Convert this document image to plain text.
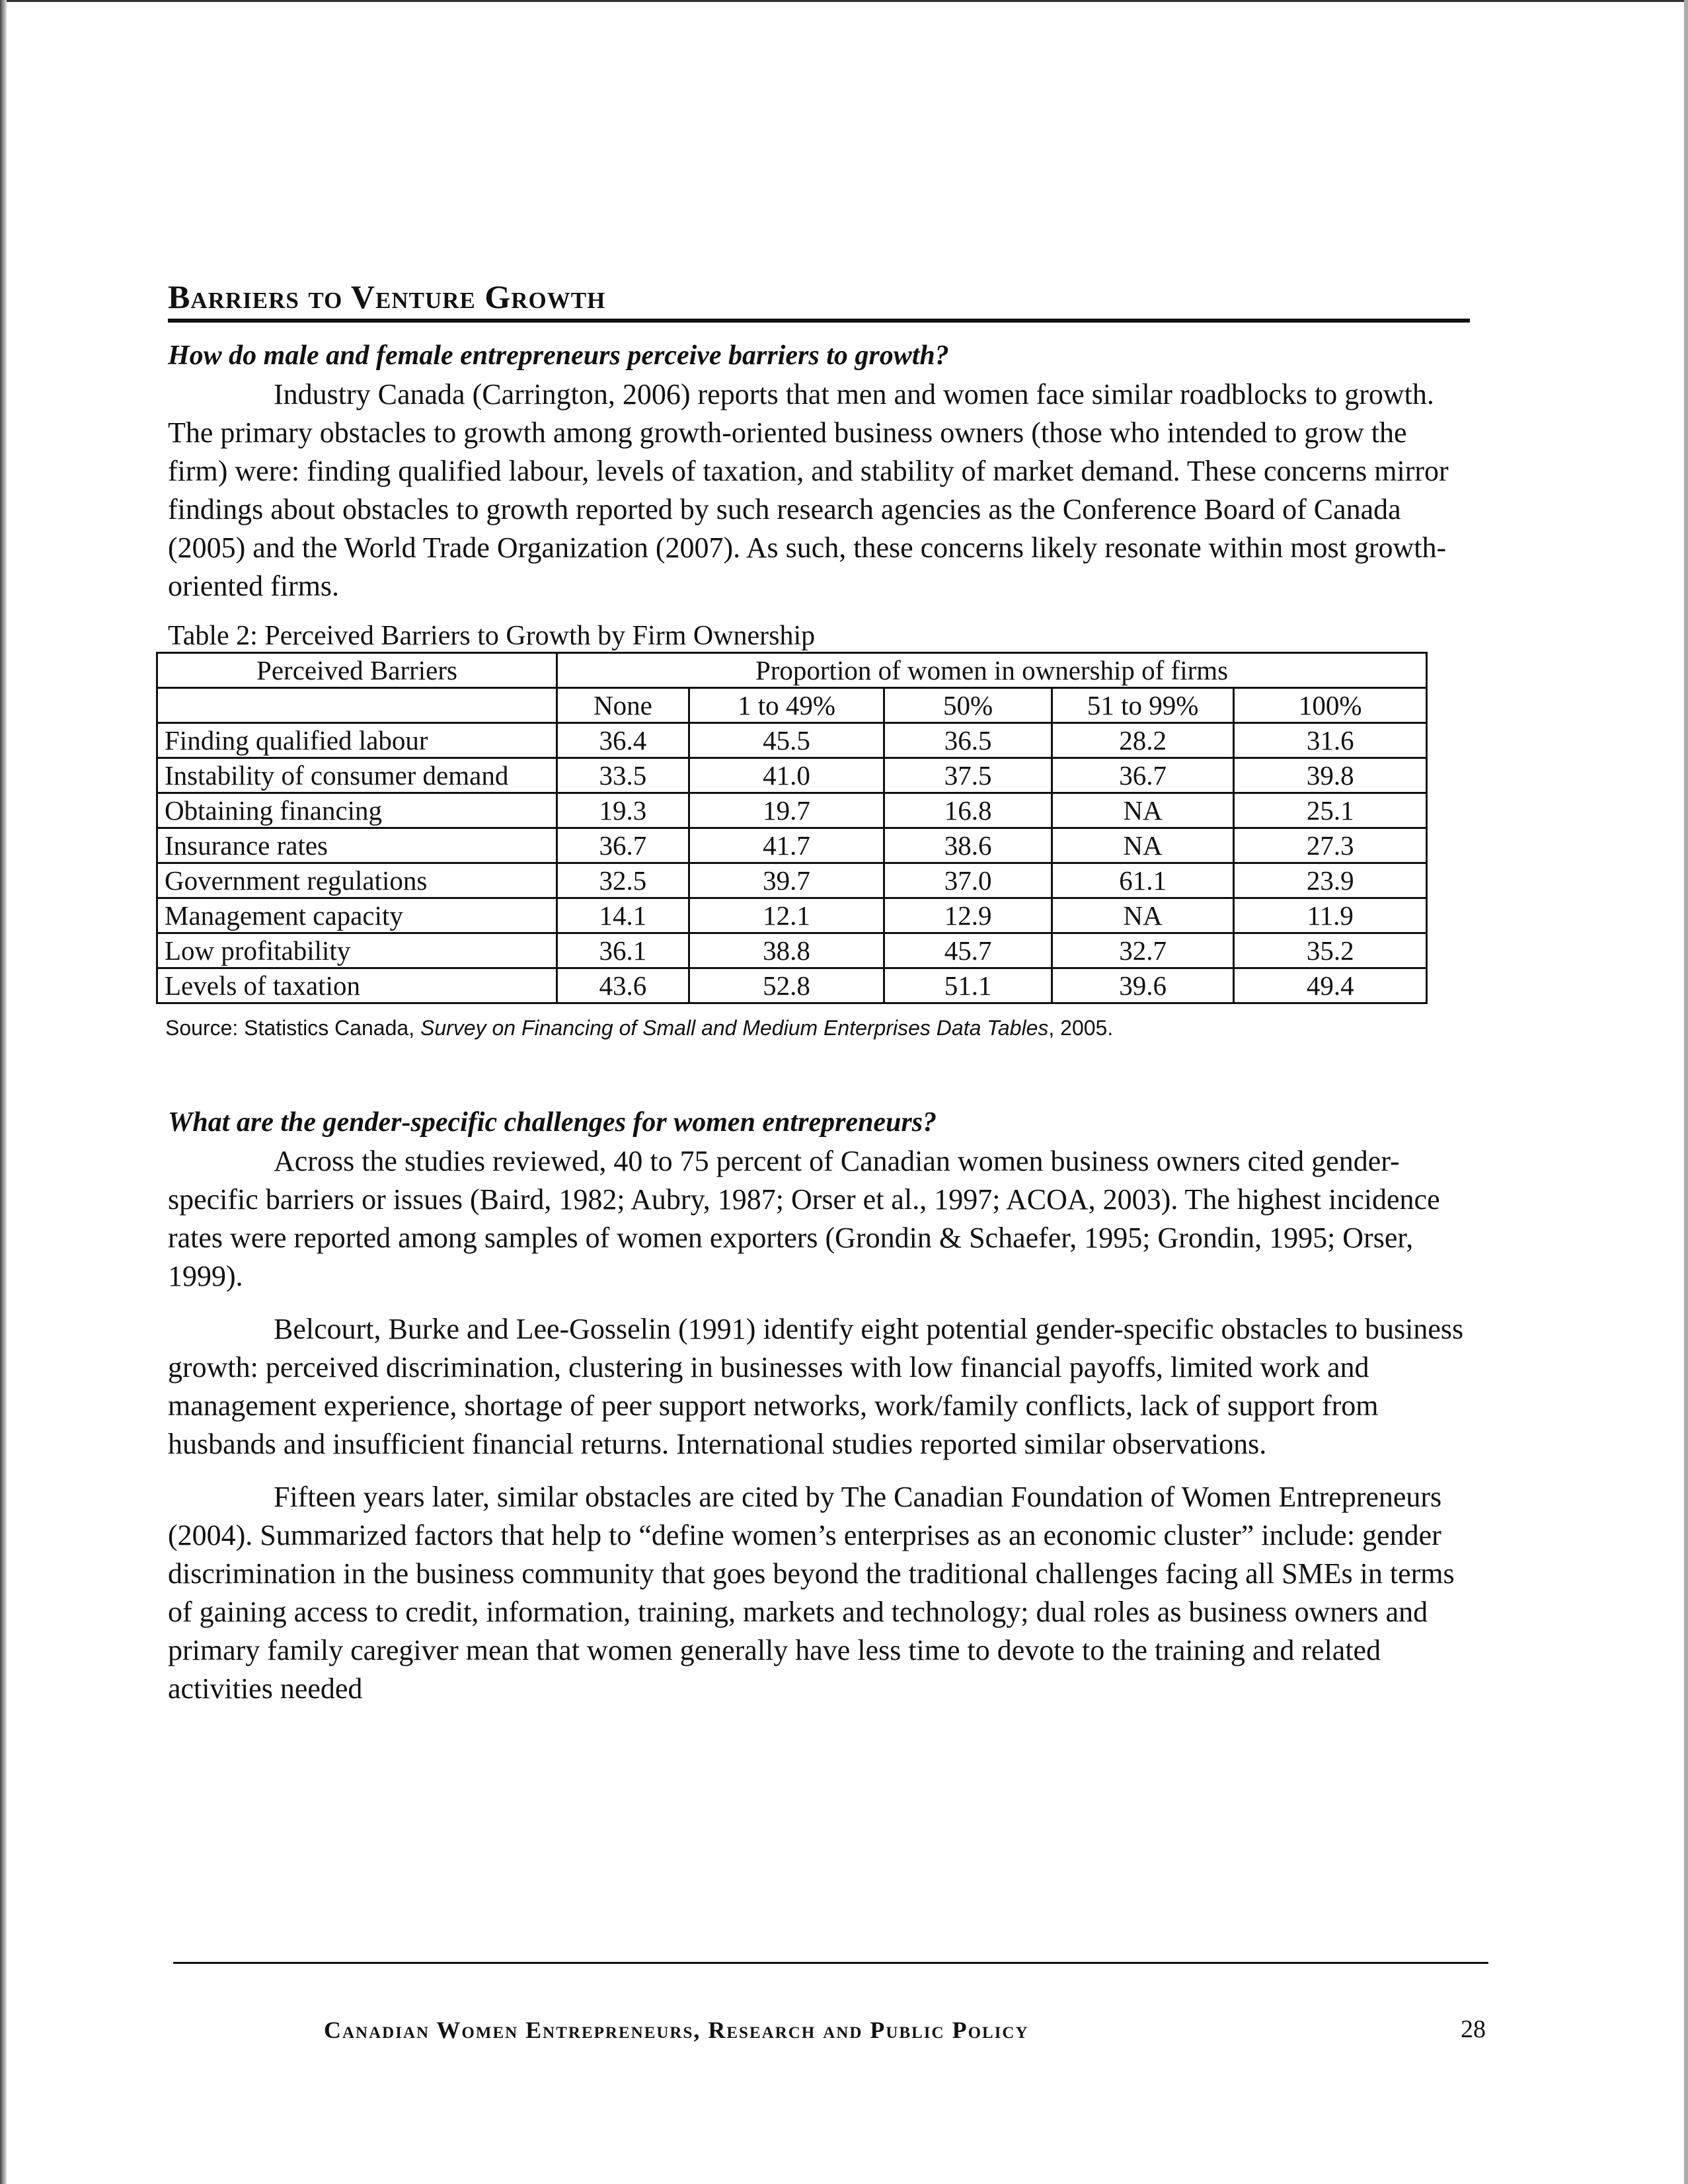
Barriers to Venture Growth
How do male and female entrepreneurs perceive barriers to growth?

Industry Canada (Carrington, 2006) reports that men and women face similar roadblocks to growth. The primary obstacles to growth among growth-oriented business owners (those who intended to grow the firm) were: finding qualified labour, levels of taxation, and stability of market demand. These concerns mirror findings about obstacles to growth reported by such research agencies as the Conference Board of Canada (2005) and the World Trade Organization (2007). As such, these concerns likely resonate within most growth-oriented firms.

Table 2: Perceived Barriers to Growth by Firm Ownership
Perceived Barriers	Proportion of women in ownership of firms				
	None	1 to 49%	50%	51 to 99%	100%
Finding qualified labour	36.4	45.5	36.5	28.2	31.6
Instability of consumer demand	33.5	41.0	37.5	36.7	39.8
Obtaining financing	19.3	19.7	16.8	NA	25.1
Insurance rates	36.7	41.7	38.6	NA	27.3
Government regulations	32.5	39.7	37.0	61.1	23.9
Management capacity	14.1	12.1	12.9	NA	11.9
Low profitability	36.1	38.8	45.7	32.7	35.2
Levels of taxation	43.6	52.8	51.1	39.6	49.4
Source: Statistics Canada, Survey on Financing of Small and Medium Enterprises Data Tables, 2005.
What are the gender-specific challenges for women entrepreneurs?

Across the studies reviewed, 40 to 75 percent of Canadian women business owners cited gender-specific barriers or issues (Baird, 1982; Aubry, 1987; Orser et al., 1997; ACOA, 2003). The highest incidence rates were reported among samples of women exporters (Grondin & Schaefer, 1995; Grondin, 1995; Orser, 1999).

Belcourt, Burke and Lee-Gosselin (1991) identify eight potential gender-specific obstacles to business growth: perceived discrimination, clustering in businesses with low financial payoffs, limited work and management experience, shortage of peer support networks, work/family conflicts, lack of support from husbands and insufficient financial returns. International studies reported similar observations.

Fifteen years later, similar obstacles are cited by The Canadian Foundation of Women Entrepreneurs (2004). Summarized factors that help to “define women’s enterprises as an economic cluster” include: gender discrimination in the business community that goes beyond the traditional challenges facing all SMEs in terms of gaining access to credit, information, training, markets and technology; dual roles as business owners and primary family caregiver mean that women generally have less time to devote to the training and related activities needed

Canadian Women Entrepreneurs, Research and Public Policy	28
